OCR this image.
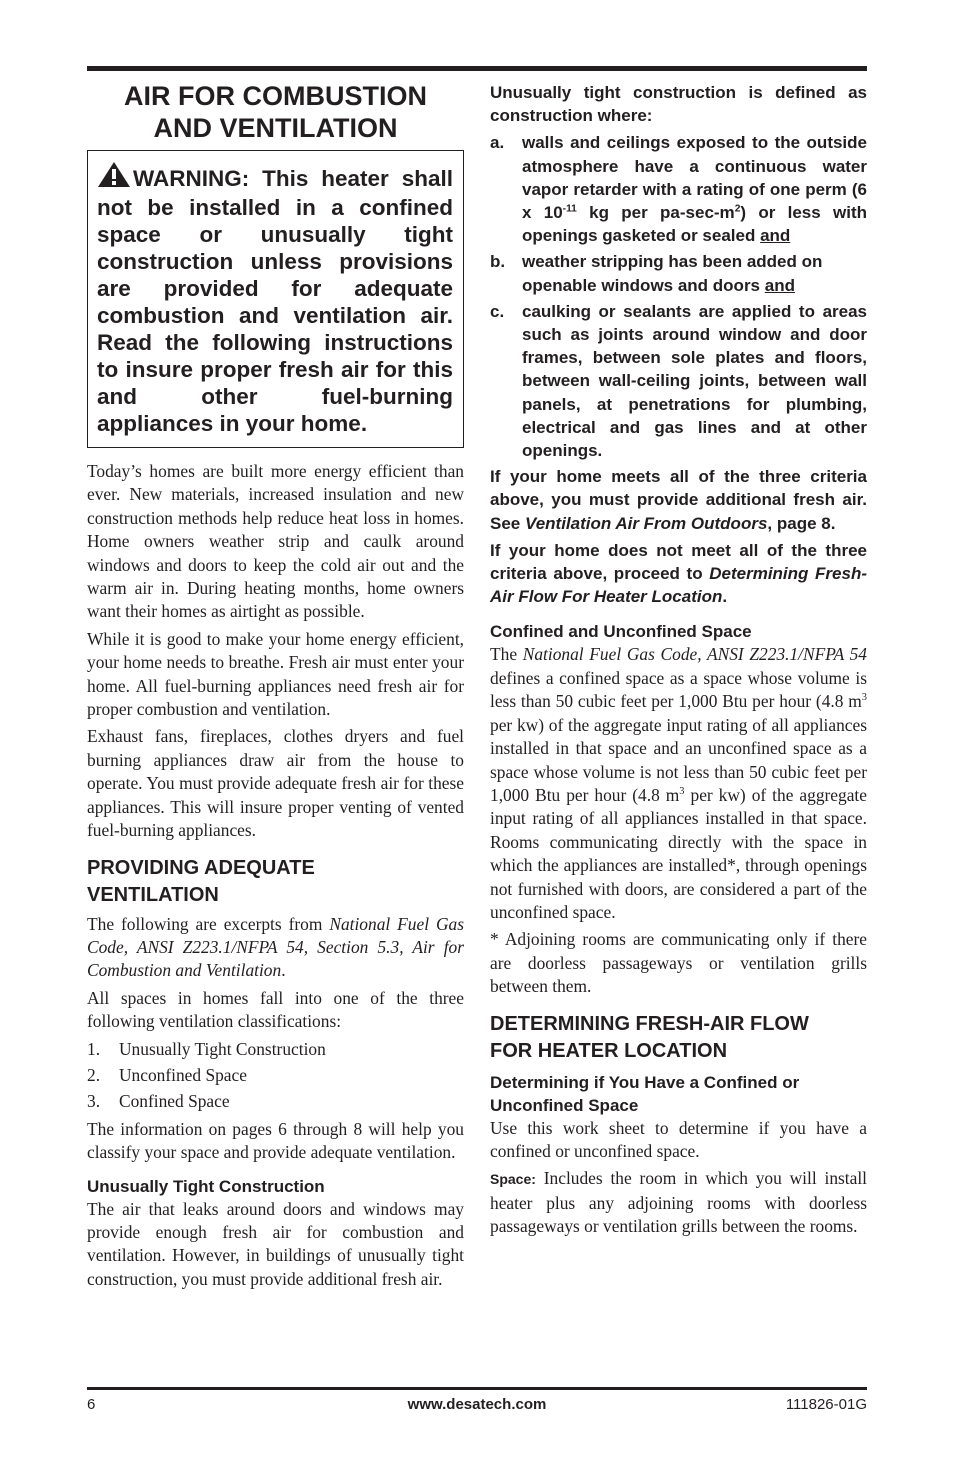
AIR FOR COMBUSTION
AND VENTILATION
WARNING: This heater shall not be installed in a confined space or unusually tight construction unless provisions are provided for adequate combustion and ventilation air. Read the following instructions to insure proper fresh air for this and other fuel-burning appliances in your home.

Today’s homes are built more energy efficient than ever. New materials, increased insulation and new construction methods help reduce heat loss in homes. Home owners weather strip and caulk around windows and doors to keep the cold air out and the warm air in. During heating months, home owners want their homes as airtight as possible.

While it is good to make your home energy efficient, your home needs to breathe. Fresh air must enter your home. All fuel-burning appliances need fresh air for proper combustion and ventilation.

Exhaust fans, fireplaces, clothes dryers and fuel burning appliances draw air from the house to operate. You must provide adequate fresh air for these appliances. This will insure proper venting of vented fuel-burning appliances.

PROVIDING ADEQUATE
VENTILATION

The following are excerpts from National Fuel Gas Code, ANSI Z223.1/NFPA 54, Section 5.3, Air for Combustion and Ventilation.

All spaces in homes fall into one of the three following ventilation classifications:

1.	Unusually Tight Construction
2.	Unconfined Space
3.	Confined Space

The information on pages 6 through 8 will help you classify your space and provide adequate ventilation.

Unusually Tight Construction

The air that leaks around doors and windows may provide enough fresh air for combustion and ventilation. However, in buildings of unusually tight construction, you must provide additional fresh air.

Unusually tight construction is defined as construction where:

a.	walls and ceilings exposed to the outside atmosphere have a continuous water vapor retarder with a rating of one perm (6 x $10^{-11}$ kg per $pa-\sec-m^2$) or less with openings gasketed or sealed and
b. weather stripping has been added on openable windows and doors and
c.	caulking or sealants are applied to areas such as joints around window and door frames, between sole plates and floors, between wall-ceiling joints, between wall panels, at penetrations for plumbing, electrical and gas lines and at other openings.

If your home meets all of the three criteria above, you must provide additional fresh air. See Ventilation Air From Outdoors, page 8.

If your home does not meet all of the three criteria above, proceed to Determining Fresh-Air Flow For Heater Location.

Confined and Unconfined Space

The National Fuel Gas Code, ANSI Z223.1/NFPA 54 defines a confined space as a space whose volume is less than 50 cubic feet per 1,000 Btu per hour (4.8 $m^3$ per kw) of the aggregate input rating of all appliances installed in that space and an unconfined space as a space whose volume is not less than 50 cubic feet per 1,000 Btu per hour (4.8 $m^3$ per kw) of the aggregate input rating of all appliances installed in that space. Rooms communicating directly with the space in which the appliances are installed*, through openings not furnished with doors, are considered a part of the unconfined space.

* Adjoining rooms are communicating only if there are doorless passageways or ventilation grills between them.

DETERMINING FRESH-AIR FLOW
FOR HEATER LOCATION
Determining if You Have a Confined or
Unconfined Space

Use this work sheet to determine if you have a confined or unconfined space.

Space: Includes the room in which you will install heater plus any adjoining rooms with doorless passageways or ventilation grills between the rooms.

www.desatech.com
6	111826-01G
